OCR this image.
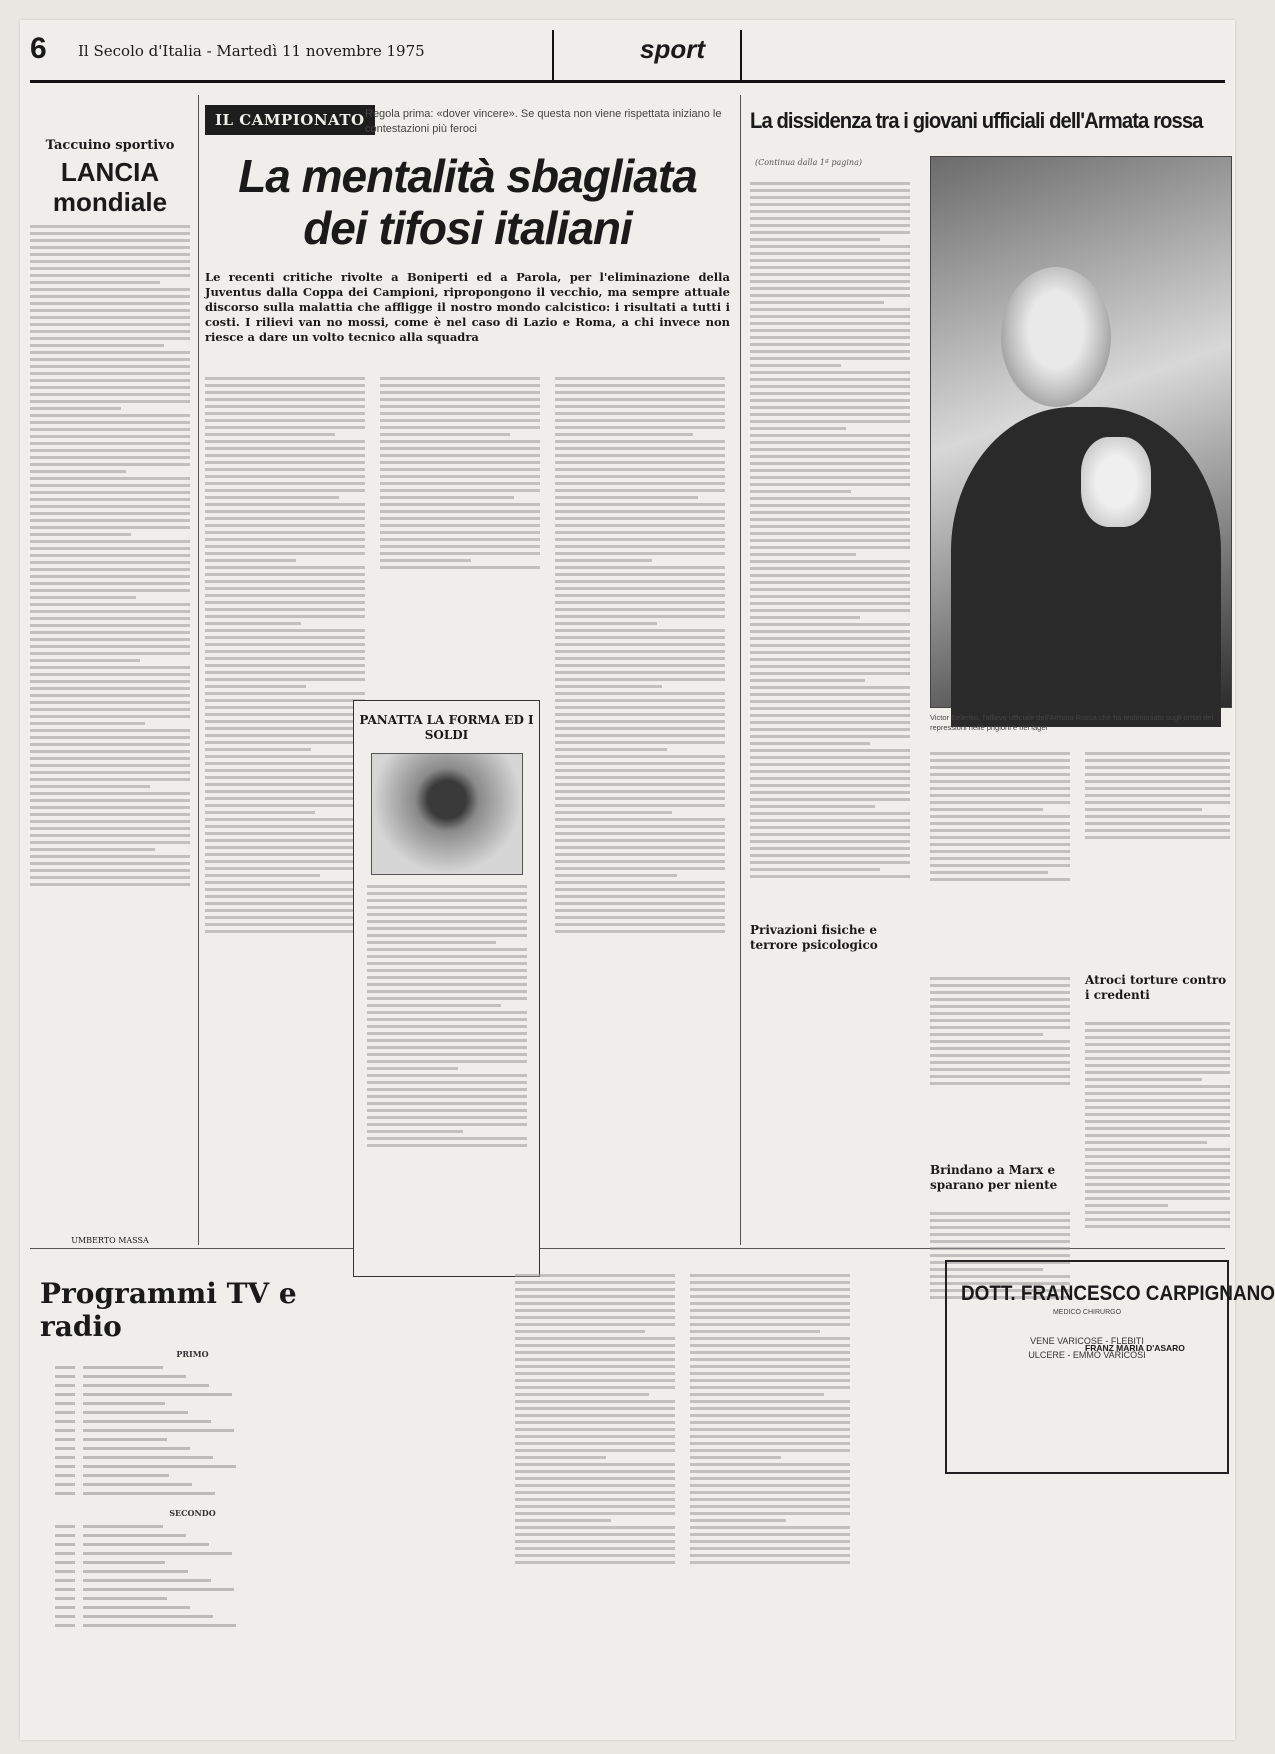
6 Il Secolo d'Italia - Martedì 11 novembre 1975	sport
Taccuino sportivo
LANCIA mondiale
UMBERTO MASSA
IL CAMPIONATO Regola prima: «dover vincere». Se questa non viene rispettata iniziano le contestazioni più feroci
La mentalità sbagliata dei tifosi italiani
Le recenti critiche rivolte a Boniperti ed a Parola, per l'eliminazione della Juventus dalla Coppa dei Campioni, ripropongono il vecchio, ma sempre attuale discorso sulla malattia che affligge il nostro mondo calcistico: i risultati a tutti i costi. I rilievi van no mossi, come è nel caso di Lazio e Roma, a chi invece non riesce a dare un volto tecnico alla squadra
PANATTA LA FORMA ED I SOLDI
La dissidenza tra i giovani ufficiali dell'Armata rossa
(Continua dalla 1ª pagina)
Victor Belenko, l'allievo ufficiale dell'Armata Rossa che ha testimoniato sugli orrori dei repressioni nelle prigioni e nei lager
Privazioni fisiche e terrore psicologico
Brindano a Marx e sparano per niente
Atroci torture contro i credenti
FRANZ MARIA D'ASARO
Programmi TV e radio
PRIMO
SECONDO
DOTT. FRANCESCO CARPIGNANO
MEDICO CHIRURGO
VENE VARICOSE - FLEBITI
ULCERE - EMMO VARICOSI
